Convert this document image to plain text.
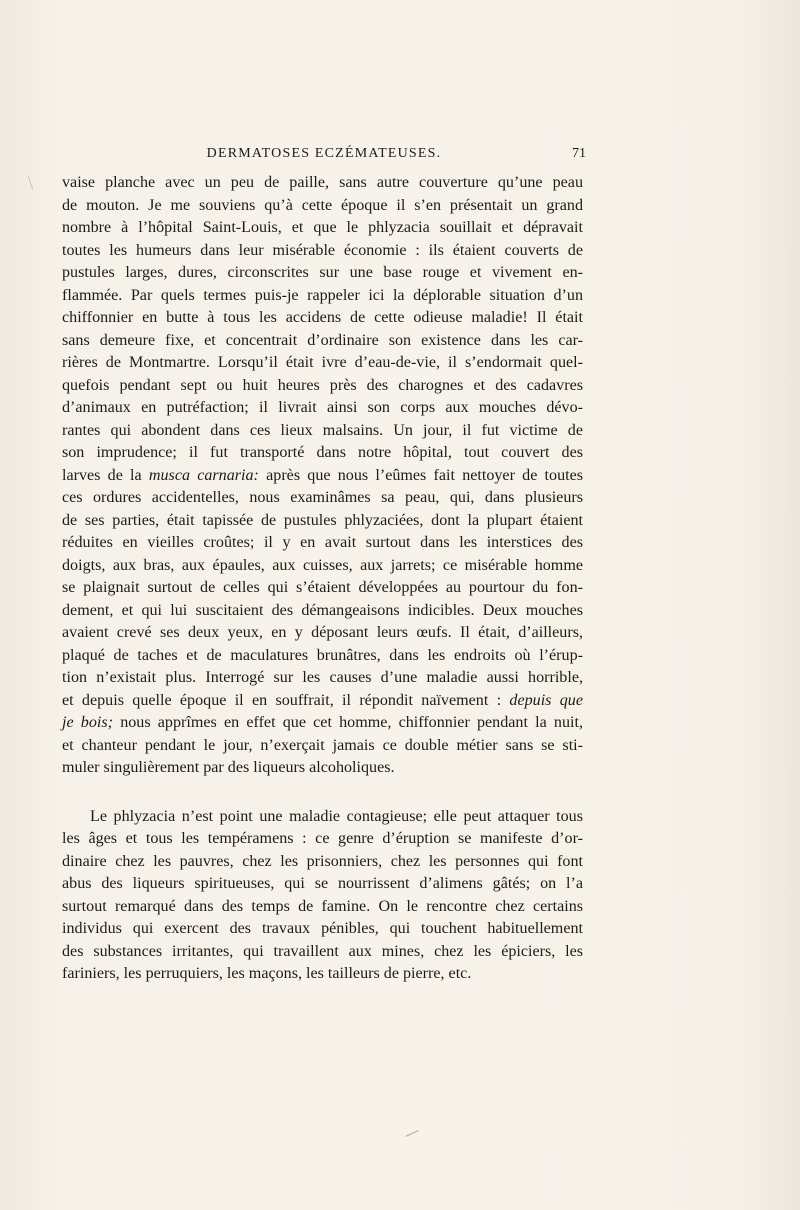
DERMATOSES ECZÉMATEUSES.	71
vaise planche avec un peu de paille, sans autre couverture qu’une peau
de mouton. Je me souviens qu’à cette époque il s’en présentait un grand
nombre à l’hôpital Saint-Louis, et que le phlyzacia souillait et dépravait
toutes les humeurs dans leur misérable économie : ils étaient couverts de
pustules larges, dures, circonscrites sur une base rouge et vivement en-
flammée. Par quels termes puis-je rappeler ici la déplorable situation d’un
chiffonnier en butte à tous les accidens de cette odieuse maladie! Il était
sans demeure fixe, et concentrait d’ordinaire son existence dans les car-
rières de Montmartre. Lorsqu’il était ivre d’eau-de-vie, il s’endormait quel-
quefois pendant sept ou huit heures près des charognes et des cadavres
d’animaux en putréfaction; il livrait ainsi son corps aux mouches dévo-
rantes qui abondent dans ces lieux malsains. Un jour, il fut victime de
son imprudence; il fut transporté dans notre hôpital, tout couvert des
larves de la musca carnaria: après que nous l’eûmes fait nettoyer de toutes
ces ordures accidentelles, nous examinâmes sa peau, qui, dans plusieurs
de ses parties, était tapissée de pustules phlyzaciées, dont la plupart étaient
réduites en vieilles croûtes; il y en avait surtout dans les interstices des
doigts, aux bras, aux épaules, aux cuisses, aux jarrets; ce misérable homme
se plaignait surtout de celles qui s’étaient développées au pourtour du fon-
dement, et qui lui suscitaient des démangeaisons indicibles. Deux mouches
avaient crevé ses deux yeux, en y déposant leurs œufs. Il était, d’ailleurs,
plaqué de taches et de maculatures brunâtres, dans les endroits où l’érup-
tion n’existait plus. Interrogé sur les causes d’une maladie aussi horrible,
et depuis quelle époque il en souffrait, il répondit naïvement : depuis que
je bois; nous apprîmes en effet que cet homme, chiffonnier pendant la nuit,
et chanteur pendant le jour, n’exerçait jamais ce double métier sans se sti-
muler singulièrement par des liqueurs alcoholiques.
Le phlyzacia n’est point une maladie contagieuse; elle peut attaquer tous
les âges et tous les tempéramens : ce genre d’éruption se manifeste d’or-
dinaire chez les pauvres, chez les prisonniers, chez les personnes qui font
abus des liqueurs spiritueuses, qui se nourrissent d’alimens gâtés; on l’a
surtout remarqué dans des temps de famine. On le rencontre chez certains
individus qui exercent des travaux pénibles, qui touchent habituellement
des substances irritantes, qui travaillent aux mines, chez les épiciers, les
fariniers, les perruquiers, les maçons, les tailleurs de pierre, etc.
